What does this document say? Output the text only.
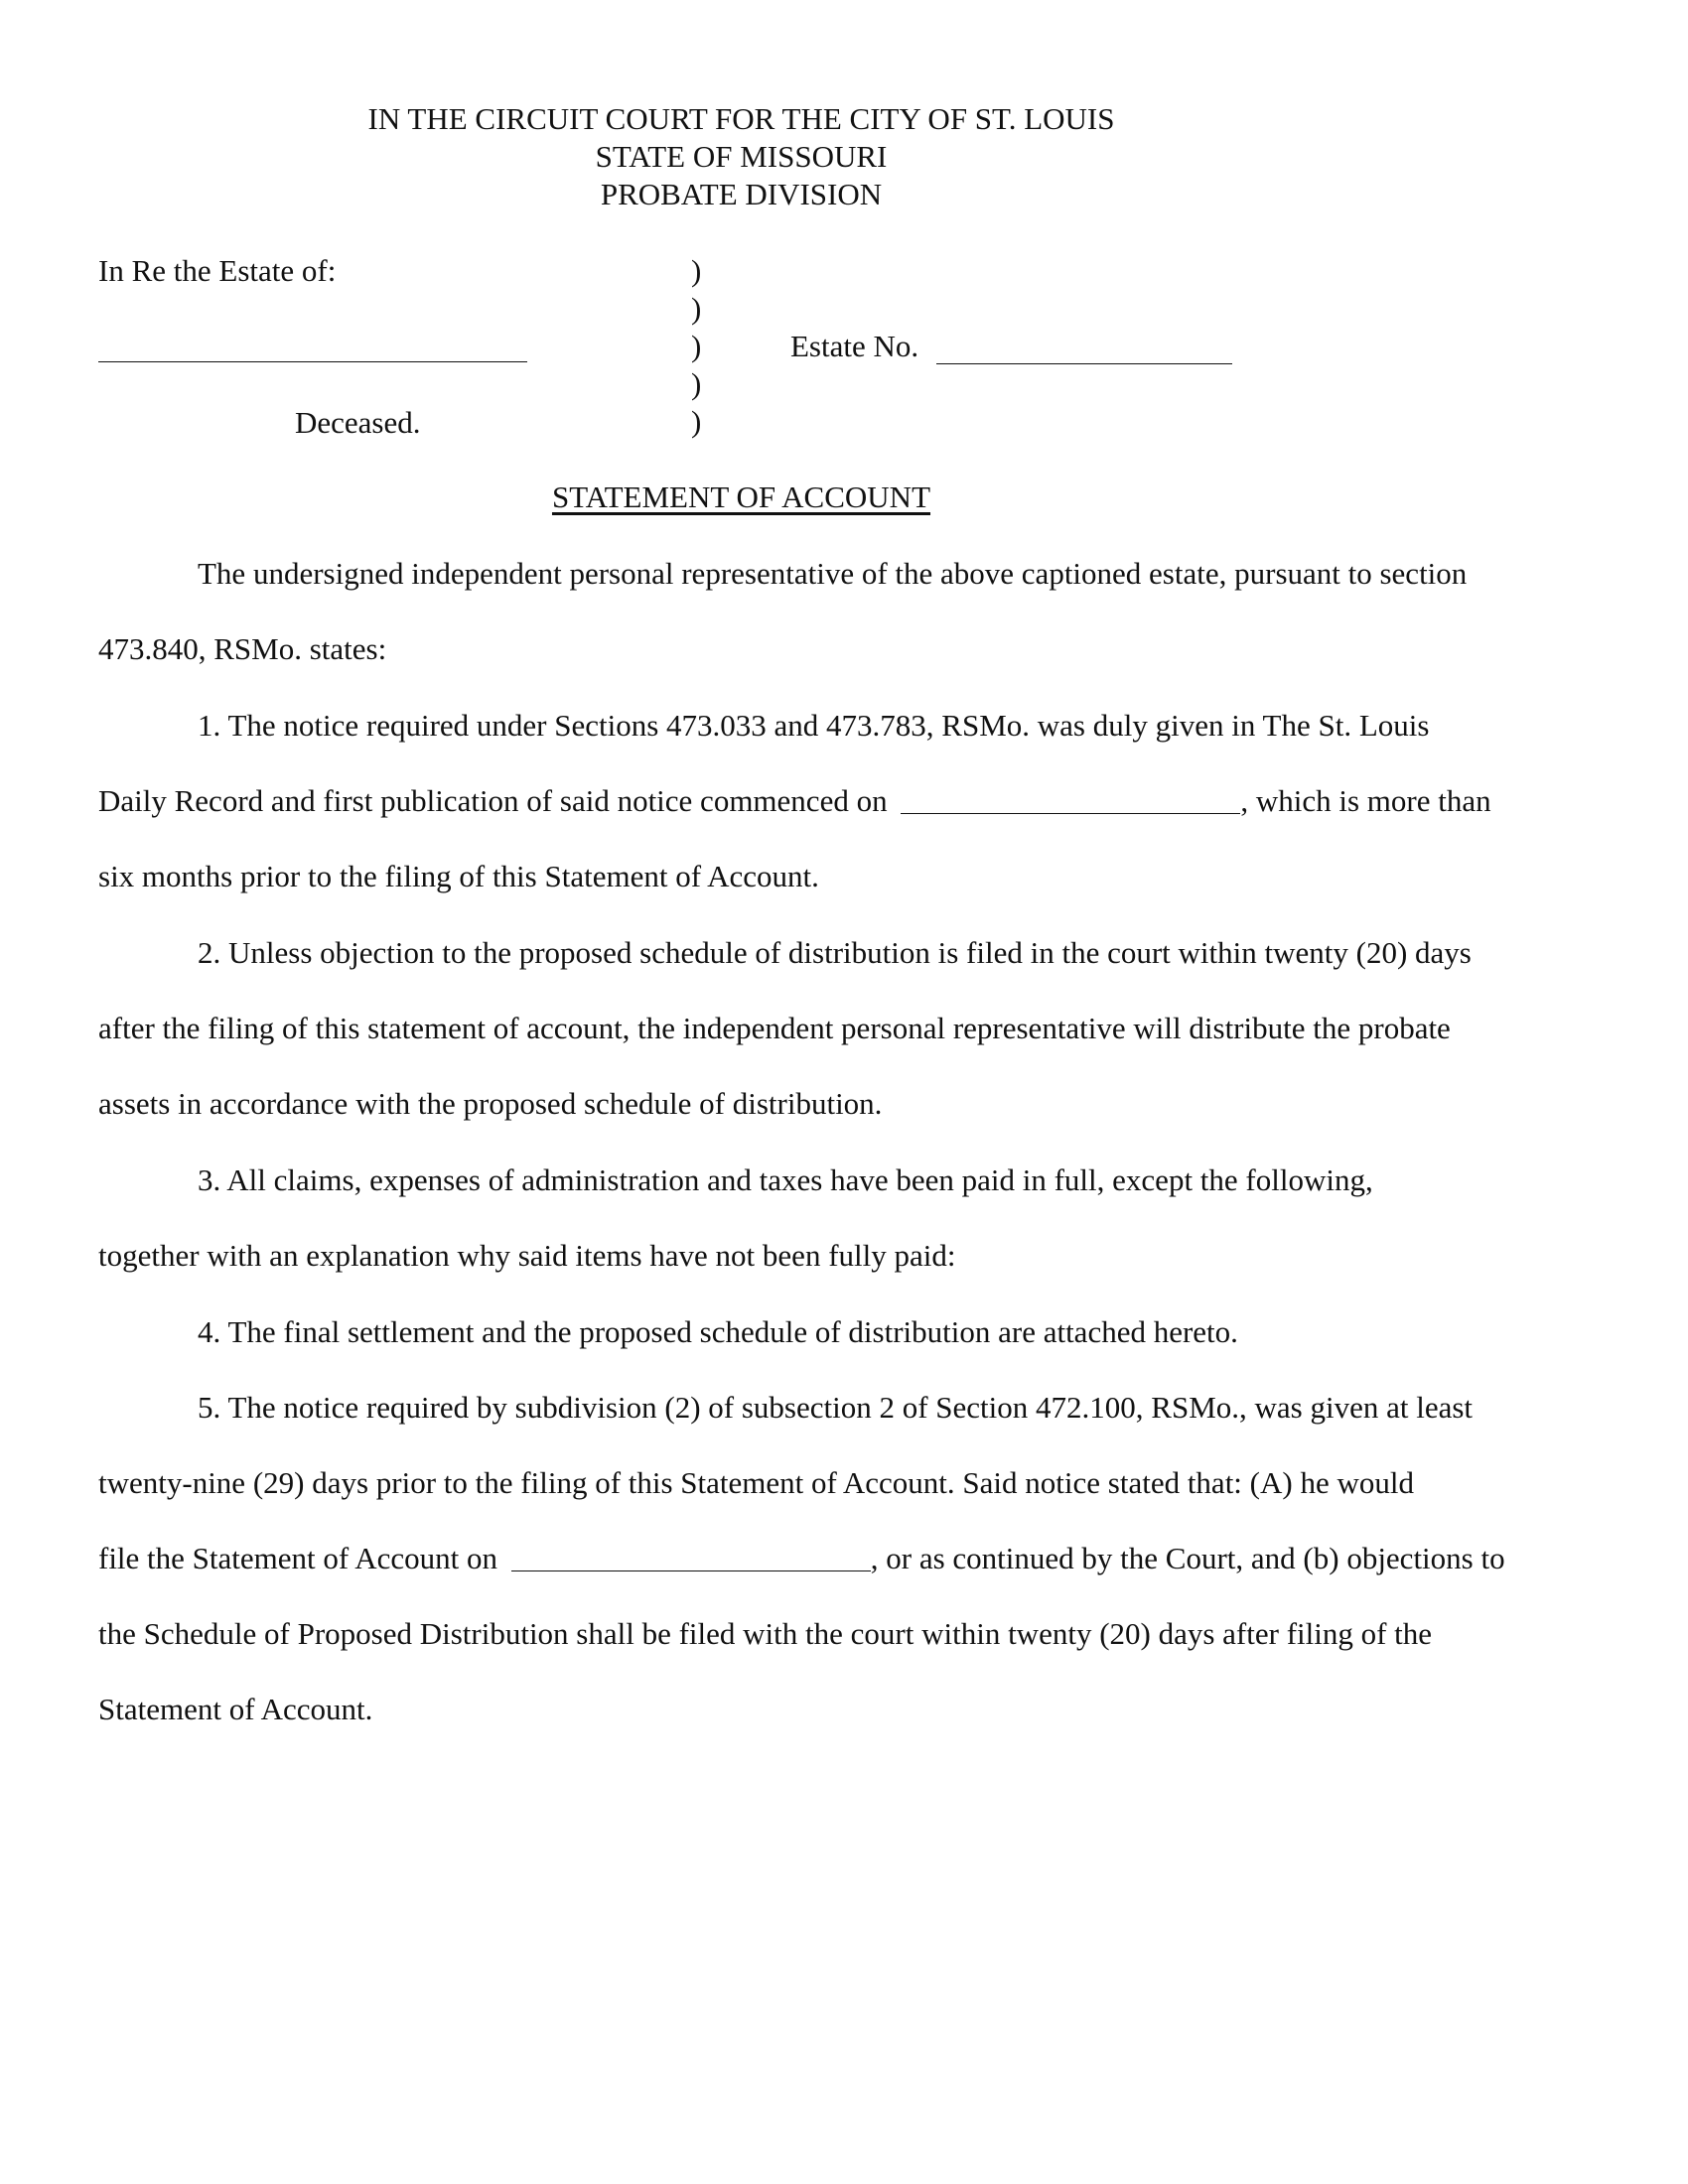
IN THE CIRCUIT COURT FOR THE CITY OF ST. LOUIS
STATE OF MISSOURI
PROBATE DIVISION
In Re the Estate of:
Deceased.
)
)
)
)
)
Estate No.
STATEMENT OF ACCOUNT
The undersigned independent personal representative of the above captioned estate, pursuant to section
473.840, RSMo. states:
1. The notice required under Sections 473.033 and 473.783, RSMo. was duly given in The St. Louis
Daily Record and first publication of said notice commenced on	, which is more than
six months prior to the filing of this Statement of Account.
2. Unless objection to the proposed schedule of distribution is filed in the court within twenty (20) days
after the filing of this statement of account, the independent personal representative will distribute the probate
assets in accordance with the proposed schedule of distribution.
3. All claims, expenses of administration and taxes have been paid in full, except the following,
together with an explanation why said items have not been fully paid:
4. The final settlement and the proposed schedule of distribution are attached hereto.
5. The notice required by subdivision (2) of subsection 2 of Section 472.100, RSMo., was given at least
twenty-nine (29) days prior to the filing of this Statement of Account. Said notice stated that: (A) he would
file the Statement of Account on	, or as continued by the Court, and (b) objections to
the Schedule of Proposed Distribution shall be filed with the court within twenty (20) days after filing of the
Statement of Account.
